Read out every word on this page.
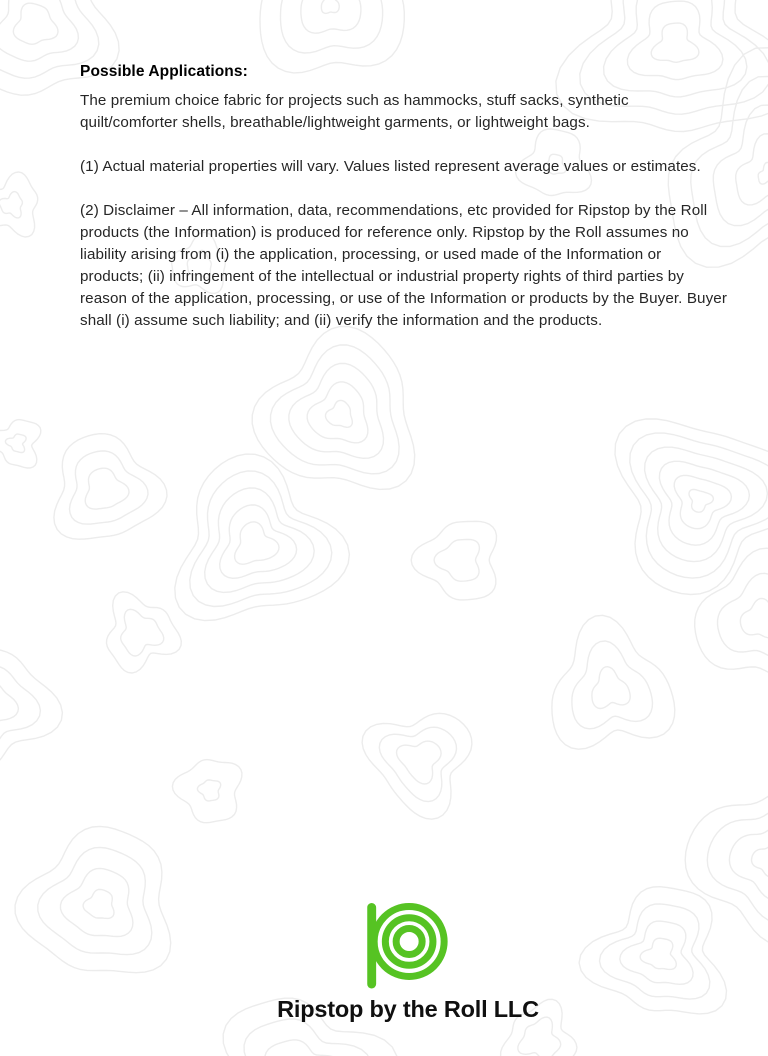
Possible Applications:

The premium choice fabric for projects such as hammocks, stuff sacks, synthetic
quilt/comforter shells, breathable/lightweight garments, or lightweight bags.

(1) Actual material properties will vary. Values listed represent average values or estimates.

(2) Disclaimer – All information, data, recommendations, etc provided for Ripstop by the Roll
products (the Information) is produced for reference only. Ripstop by the Roll assumes no
liability arising from (i) the application, processing, or used made of the Information or
products; (ii) infringement of the intellectual or industrial property rights of third parties by
reason of the application, processing, or use of the Information or products by the Buyer. Buyer
shall (i) assume such liability; and (ii) verify the information and the products.

Ripstop by the Roll LLC
